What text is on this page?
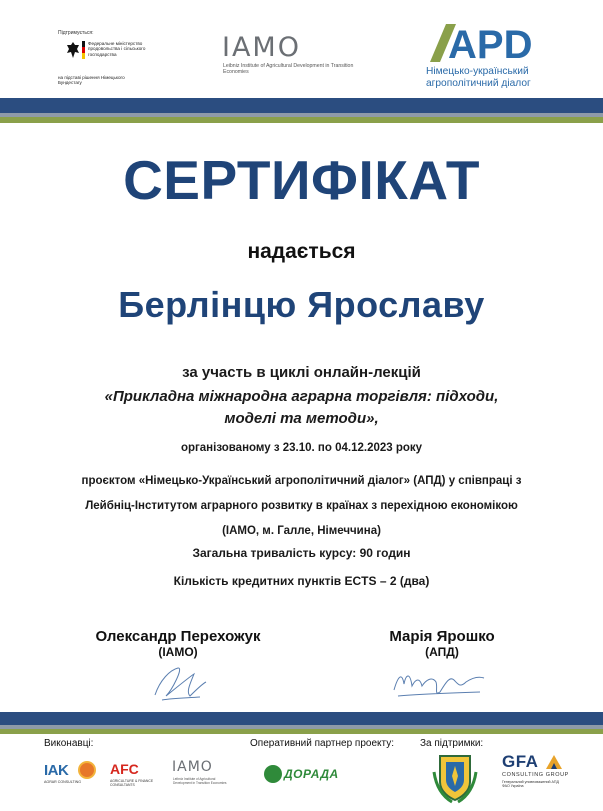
Підтримується:
Федеральне міністерство продовольства і сільського господарства
на підставі рішення Німецького Бундестагу
IAMO
Leibniz Institute of Agricultural Development in Transition Economies
APD
Німецько-український
агрополітичний діалог
СЕРТИФІКАТ
надається
Берлінцю Ярославу
за участь в циклі онлайн-лекцій
«Прикладна міжнародна аграрна торгівля: підходи,
моделі та методи»,
організованому з 23.10. по 04.12.2023 року
проєктом «Німецько-Український агрополітичний діалог» (АПД) у співпраці з
Лейбніц-Інститутом аграрного розвитку в країнах з перехідною економікою
(IAMO, м. Галле, Німеччина)
Загальна тривалість курсу: 90 годин
Кількість кредитних пунктів ECTS – 2 (два)
Олександр Перехожук
(IAMO)
Марія Ярошко
(АПД)
Виконавці:	Оперативний партнер проекту:	За підтримки:
IAK
AGRAR CONSULTING
AFC
AGRICULTURE & FINANCE CONSULTANTS
IAMO
Leibniz Institute of Agricultural Development in Transition Economies
ДОРАДА
GFA
CONSULTING GROUP
Генеральний уповноважений АПД ФАО Україна
